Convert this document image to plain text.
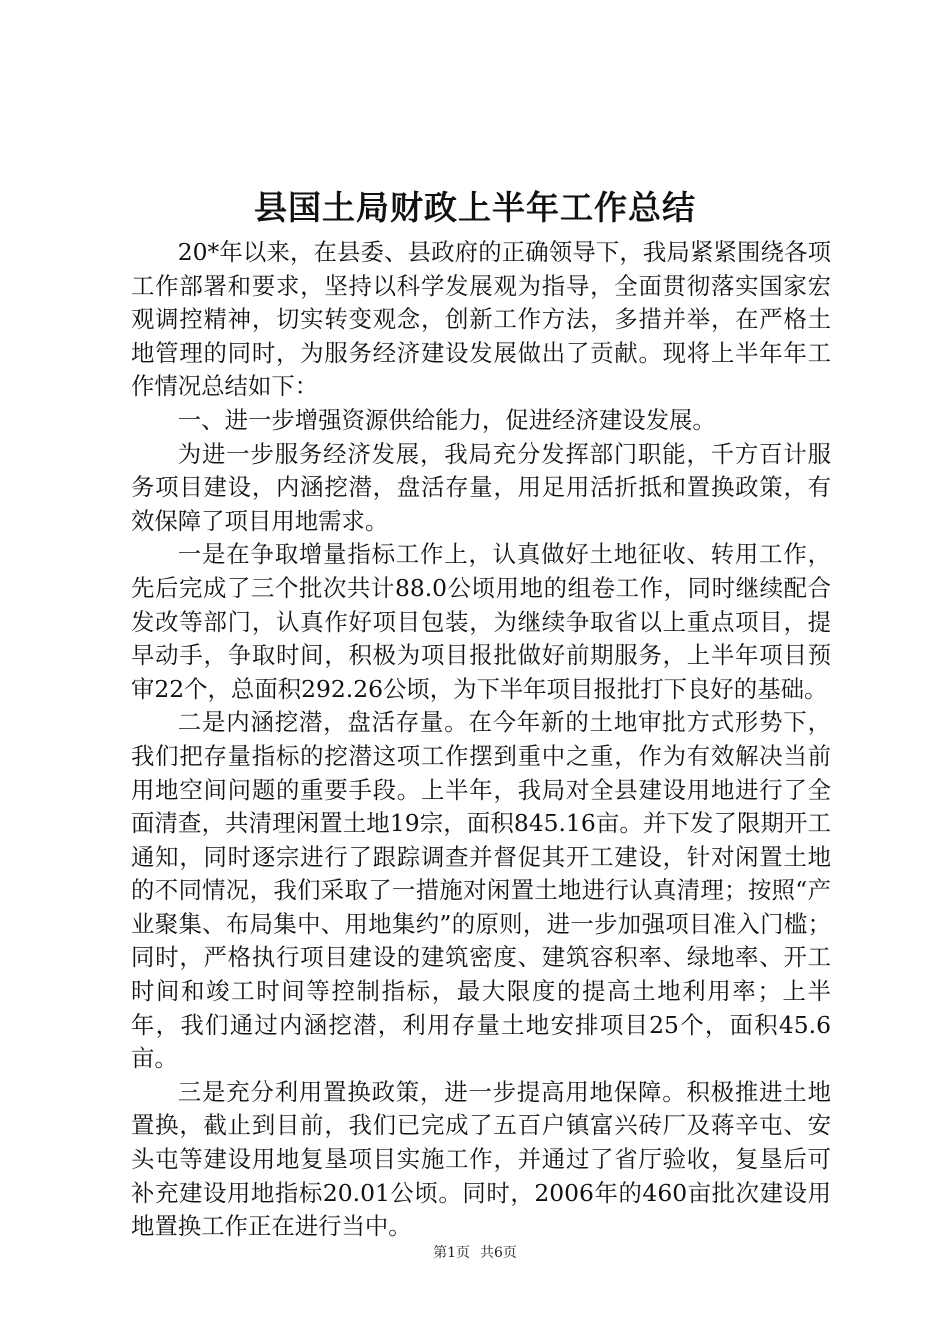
县国土局财政上半年工作总结

20*年以来，在县委、县政府的正确领导下，我局紧紧围绕各项工作部署和要求，坚持以科学发展观为指导，全面贯彻落实国家宏观调控精神，切实转变观念，创新工作方法，多措并举，在严格土地管理的同时，为服务经济建设发展做出了贡献。现将上半年年工作情况总结如下：

一、进一步增强资源供给能力，促进经济建设发展。

为进一步服务经济发展，我局充分发挥部门职能，千方百计服务项目建设，内涵挖潜，盘活存量，用足用活折抵和置换政策，有效保障了项目用地需求。

一是在争取增量指标工作上，认真做好土地征收、转用工作，先后完成了三个批次共计88.0公顷用地的组卷工作，同时继续配合发改等部门，认真作好项目包装，为继续争取省以上重点项目，提早动手，争取时间，积极为项目报批做好前期服务，上半年项目预审22个，总面积292.26公顷，为下半年项目报批打下良好的基础。

二是内涵挖潜，盘活存量。在今年新的土地审批方式形势下，我们把存量指标的挖潜这项工作摆到重中之重，作为有效解决当前用地空间问题的重要手段。上半年，我局对全县建设用地进行了全面清查，共清理闲置土地19宗，面积845.16亩。并下发了限期开工通知，同时逐宗进行了跟踪调查并督促其开工建设，针对闲置土地的不同情况，我们采取了一措施对闲置土地进行认真清理；按照“产业聚集、布局集中、用地集约”的原则，进一步加强项目准入门槛；同时，严格执行项目建设的建筑密度、建筑容积率、绿地率、开工时间和竣工时间等控制指标，最大限度的提高土地利用率；上半年，我们通过内涵挖潜，利用存量土地安排项目25个，面积45.6亩。

三是充分利用置换政策，进一步提高用地保障。积极推进土地置换，截止到目前，我们已完成了五百户镇富兴砖厂及蒋辛屯、安头屯等建设用地复垦项目实施工作，并通过了省厅验收，复垦后可补充建设用地指标20.01公顷。同时，2006年的460亩批次建设用地置换工作正在进行当中。

第1页 共6页
